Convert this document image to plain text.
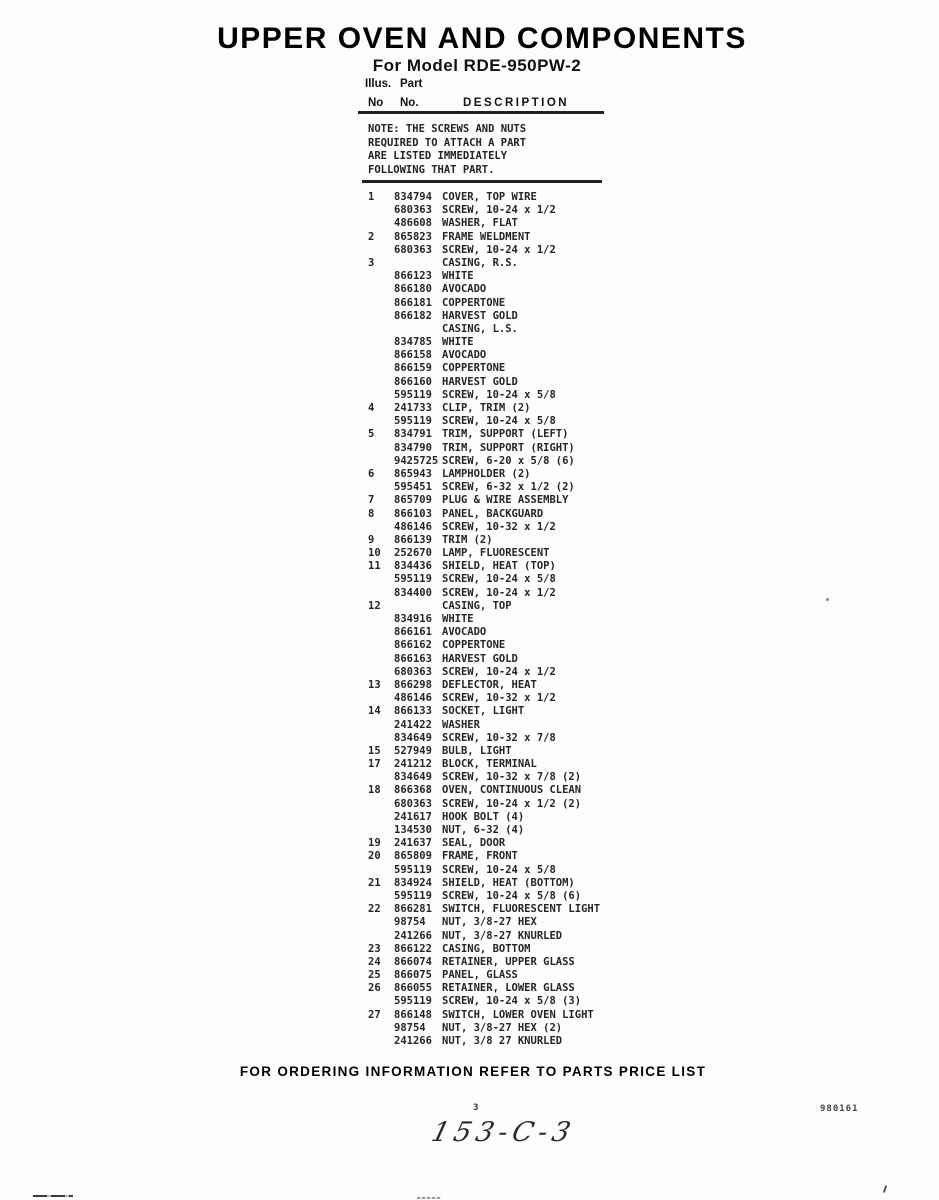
UPPER OVEN AND COMPONENTS
For Model RDE-950PW-2
Illus. Part
No No.	DESCRIPTION
NOTE: THE SCREWS AND NUTS
REQUIRED TO ATTACH A PART
ARE LISTED IMMEDIATELY
FOLLOWING THAT PART.
1 834794 COVER, TOP WIRE
680363 SCREW, 10-24 x 1/2
486608 WASHER, FLAT
2 865823 FRAME WELDMENT
680363 SCREW, 10-24 x 1/2
3	CASING, R.S.
866123 WHITE
866180 AVOCADO
866181 COPPERTONE
866182 HARVEST GOLD
CASING, L.S.
834785 WHITE
866158 AVOCADO
866159 COPPERTONE
866160 HARVEST GOLD
595119 SCREW, 10-24 x 5/8
4 241733 CLIP, TRIM (2)
595119 SCREW, 10-24 x 5/8
5 834791 TRIM, SUPPORT (LEFT)
834790 TRIM, SUPPORT (RIGHT)
9425725 SCREW, 6-20 x 5/8 (6)
6 865943 LAMPHOLDER (2)
595451 SCREW, 6-32 x 1/2 (2)
7 865709 PLUG & WIRE ASSEMBLY
8 866103 PANEL, BACKGUARD
486146 SCREW, 10-32 x 1/2
9 866139 TRIM (2)
10 252670 LAMP, FLUORESCENT
11 834436 SHIELD, HEAT (TOP)
595119 SCREW, 10-24 x 5/8
834400 SCREW, 10-24 x 1/2
12	CASING, TOP
834916 WHITE
866161 AVOCADO
866162 COPPERTONE
866163 HARVEST GOLD
680363 SCREW, 10-24 x 1/2
13 866298 DEFLECTOR, HEAT
486146 SCREW, 10-32 x 1/2
14 866133 SOCKET, LIGHT
241422 WASHER
834649 SCREW, 10-32 x 7/8
15 527949 BULB, LIGHT
17 241212 BLOCK, TERMINAL
834649 SCREW, 10-32 x 7/8 (2)
18 866368 OVEN, CONTINUOUS CLEAN
680363 SCREW, 10-24 x 1/2 (2)
241617 HOOK BOLT (4)
134530 NUT, 6-32 (4)
19 241637 SEAL, DOOR
20 865809 FRAME, FRONT
595119 SCREW, 10-24 x 5/8
21 834924 SHIELD, HEAT (BOTTOM)
595119 SCREW, 10-24 x 5/8 (6)
22 866281 SWITCH, FLUORESCENT LIGHT
98754 NUT, 3/8-27 HEX
241266 NUT, 3/8-27 KNURLED
23 866122 CASING, BOTTOM
24 866074 RETAINER, UPPER GLASS
25 866075 PANEL, GLASS
26 866055 RETAINER, LOWER GLASS
595119 SCREW, 10-24 x 5/8 (3)
27 866148 SWITCH, LOWER OVEN LIGHT
98754 NUT, 3/8-27 HEX (2)
241266 NUT, 3/8 27 KNURLED
FOR ORDERING INFORMATION REFER TO PARTS PRICE LIST
3	980161
153-C-3
